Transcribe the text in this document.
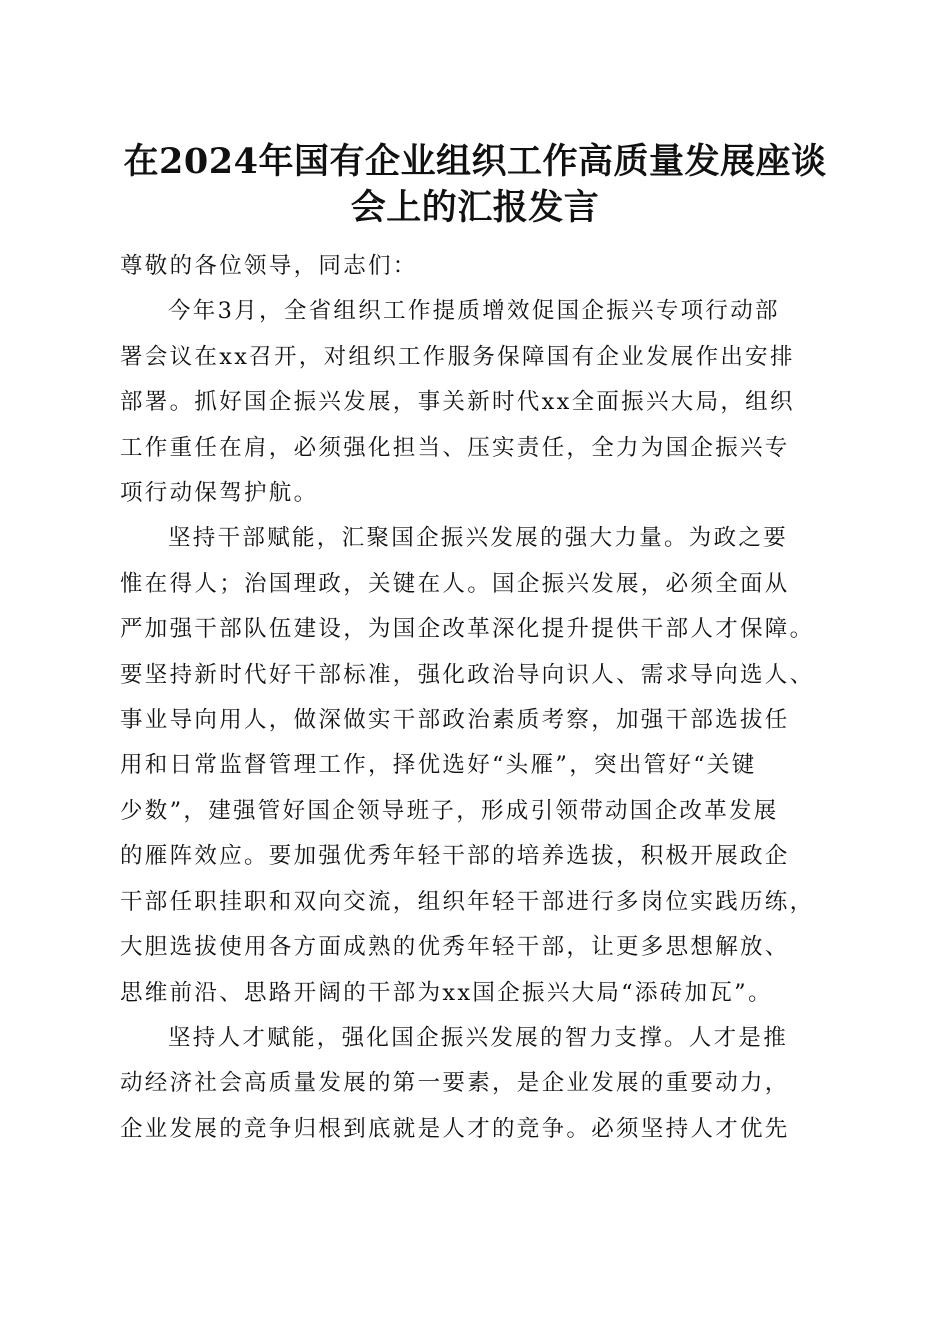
在2024年国有企业组织工作高质量发展座谈
会上的汇报发言
尊敬的各位领导，同志们：
今年3月，全省组织工作提质增效促国企振兴专项行动部
署会议在xx召开，对组织工作服务保障国有企业发展作出安排
部署。抓好国企振兴发展，事关新时代xx全面振兴大局，组织
工作重任在肩，必须强化担当、压实责任，全力为国企振兴专
项行动保驾护航。
坚持干部赋能，汇聚国企振兴发展的强大力量。为政之要
惟在得人；治国理政，关键在人。国企振兴发展，必须全面从
严加强干部队伍建设，为国企改革深化提升提供干部人才保障。
要坚持新时代好干部标准，强化政治导向识人、需求导向选人、
事业导向用人，做深做实干部政治素质考察，加强干部选拔任
用和日常监督管理工作，择优选好“头雁”，突出管好“关键
少数”，建强管好国企领导班子，形成引领带动国企改革发展
的雁阵效应。要加强优秀年轻干部的培养选拔，积极开展政企
干部任职挂职和双向交流，组织年轻干部进行多岗位实践历练，
大胆选拔使用各方面成熟的优秀年轻干部，让更多思想解放、
思维前沿、思路开阔的干部为xx国企振兴大局“添砖加瓦”。
坚持人才赋能，强化国企振兴发展的智力支撑。人才是推
动经济社会高质量发展的第一要素，是企业发展的重要动力，
企业发展的竞争归根到底就是人才的竞争。必须坚持人才优先
